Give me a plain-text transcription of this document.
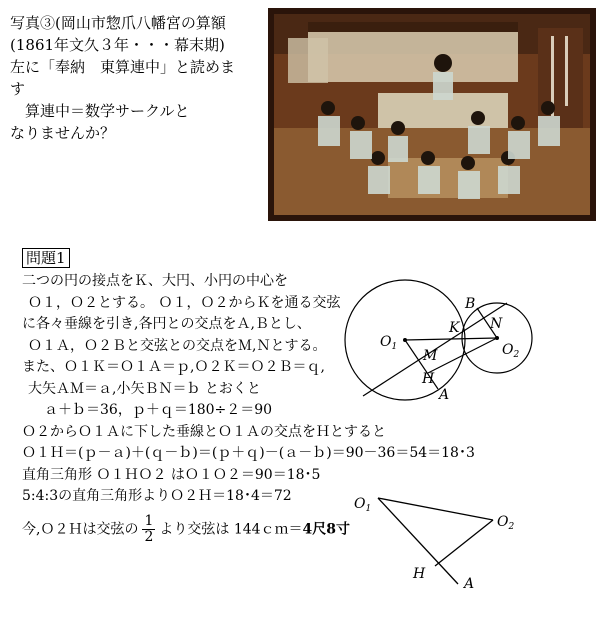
写真③(岡山市惣爪八幡宮の算額
(1861年文久３年・・・幕末期)
左に「奉納　東算連中」と読めま
す
　算連中＝数学サークルと
なりませんか？
問題1
二つの円の接点をＫ、大円、小円の中心を
Ｏ１，Ｏ２とする。 Ｏ１，Ｏ２からＫを通る交弦
に各々垂線を引き,各円との交点をＡ,Ｂとし、
Ｏ１Ａ，Ｏ２Ｂと交弦との交点をＭ,Ｎとする。
また、Ｏ１Ｋ＝Ｏ１Ａ＝ｐ,Ｏ２Ｋ＝Ｏ２Ｂ＝ｑ,
大矢ＡＭ＝ａ,小矢ＢＮ＝ｂ とおくと
ａ＋ｂ＝36，ｐ＋ｑ＝180÷２＝90
Ｏ２からＯ１Ａに下した垂線とＯ１Ａの交点をＨとすると
Ｏ１Ｈ＝(ｐ－ａ)＋(ｑ－ｂ)＝(ｐ＋ｑ)－(ａ－ｂ)＝90－36＝54＝18･3
直角三角形 Ｏ１ＨＯ２ はＯ１Ｏ２＝90＝18･5
5:4:3の直角三角形よりＯ２Ｈ＝18･4＝72
今,Ｏ２Ｈは交弦の $\frac{1}{2}$ より交弦は 144ｃｍ＝4尺8寸
$O_1$	$O_2$
K N
B
M
H
A
$O_1$
$O_2$
H
A
